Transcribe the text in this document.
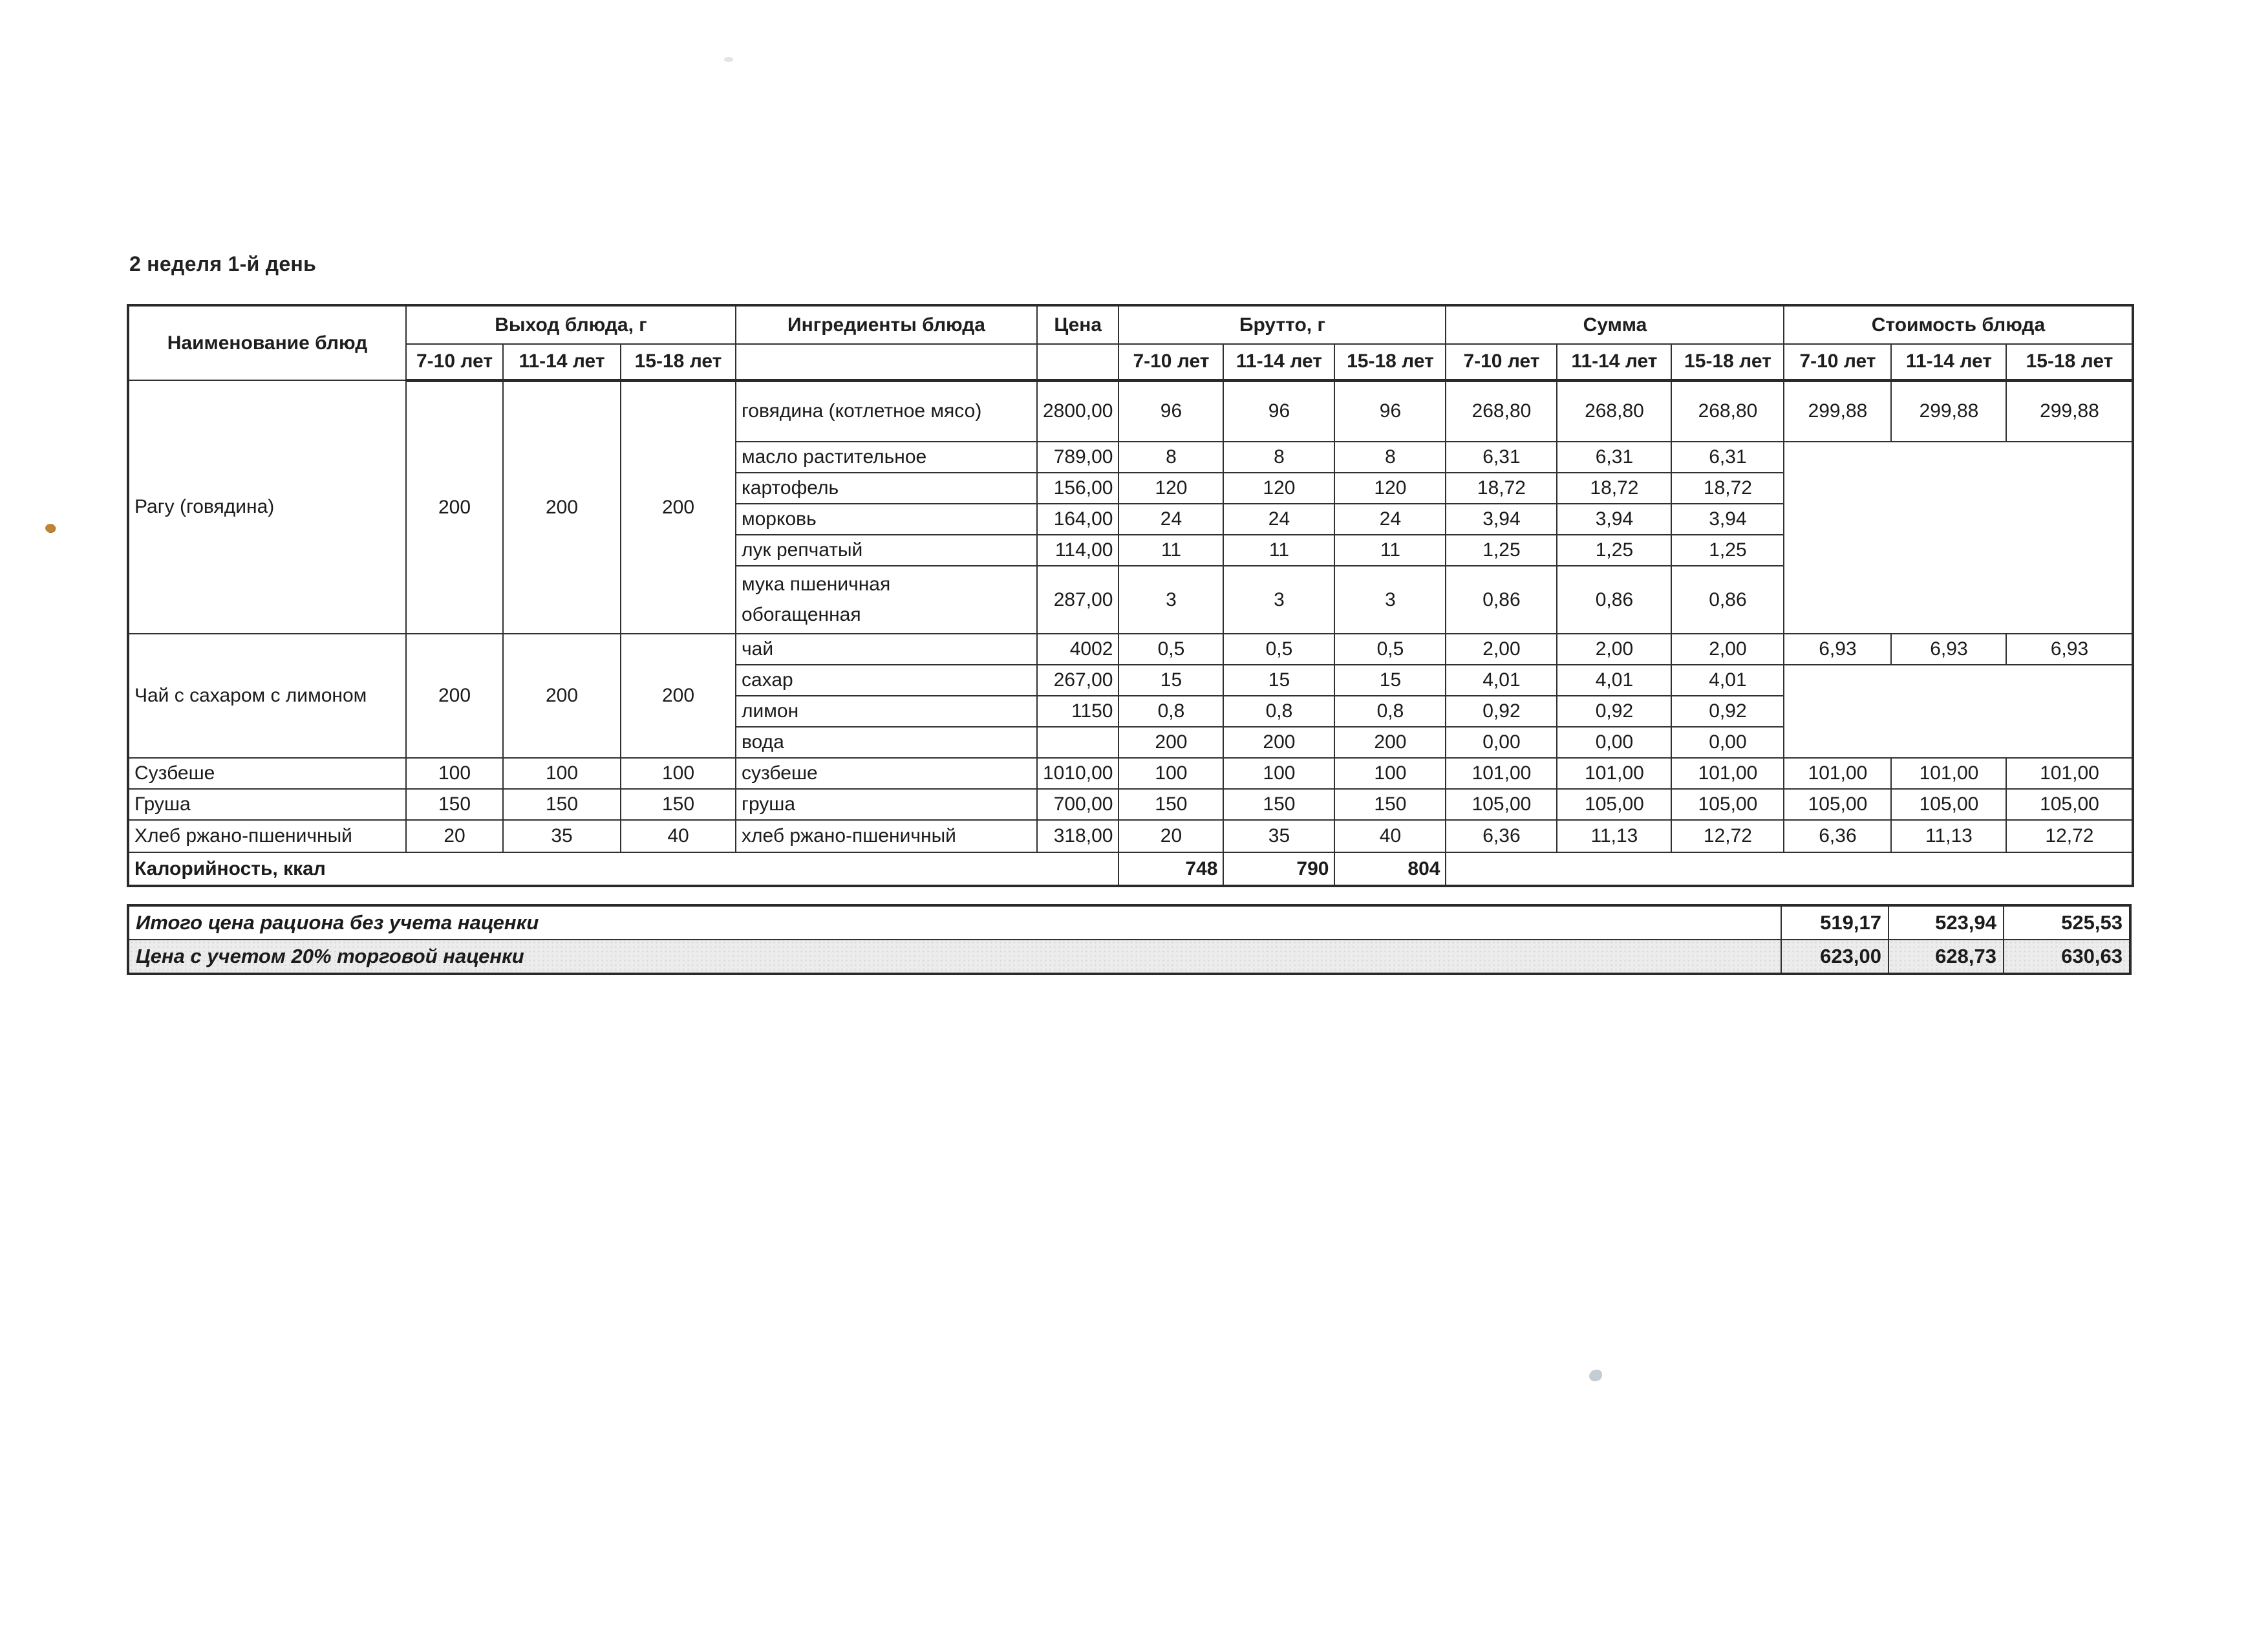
2 неделя 1-й день
Наименование блюд	Выход блюда, г			Ингредиенты блюда	Цена	Брутто, г			Сумма			Стоимость блюда		
	7-10 лет	11-14 лет	15-18 лет			7-10 лет	11-14 лет	15-18 лет	7-10 лет	11-14 лет	15-18 лет	7-10 лет	11-14 лет	15-18 лет
Рагу (говядина)	200	200	200	говядина (котлетное мясо)	2800,00	96	96	96	268,80	268,80	268,80	299,88	299,88	299,88
				масло растительное	789,00	8	8	8	6,31	6,31	6,31			
				картофель	156,00	120	120	120	18,72	18,72	18,72			
				морковь	164,00	24	24	24	3,94	3,94	3,94			
				лук репчатый	114,00	11	11	11	1,25	1,25	1,25			
				мука пшеничная обогащенная	287,00	3	3	3	0,86	0,86	0,86			
Чай с сахаром с лимоном	200	200	200	чай	4002	0,5	0,5	0,5	2,00	2,00	2,00	6,93	6,93	6,93
				сахар	267,00	15	15	15	4,01	4,01	4,01			
				лимон	1150	0,8	0,8	0,8	0,92	0,92	0,92			
				вода		200	200	200	0,00	0,00	0,00			
Сузбеше	100	100	100	сузбеше	1010,00	100	100	100	101,00	101,00	101,00	101,00	101,00	101,00
Груша	150	150	150	груша	700,00	150	150	150	105,00	105,00	105,00	105,00	105,00	105,00
Хлеб ржано-пшеничный	20	35	40	хлеб ржано-пшеничный	318,00	20	35	40	6,36	11,13	12,72	6,36	11,13	12,72
Калорийность, ккал						748	790	804						
Итого цена рациона без учета наценки	519,17	523,94	525,53
Цена с учетом 20% торговой наценки	623,00	628,73	630,63
